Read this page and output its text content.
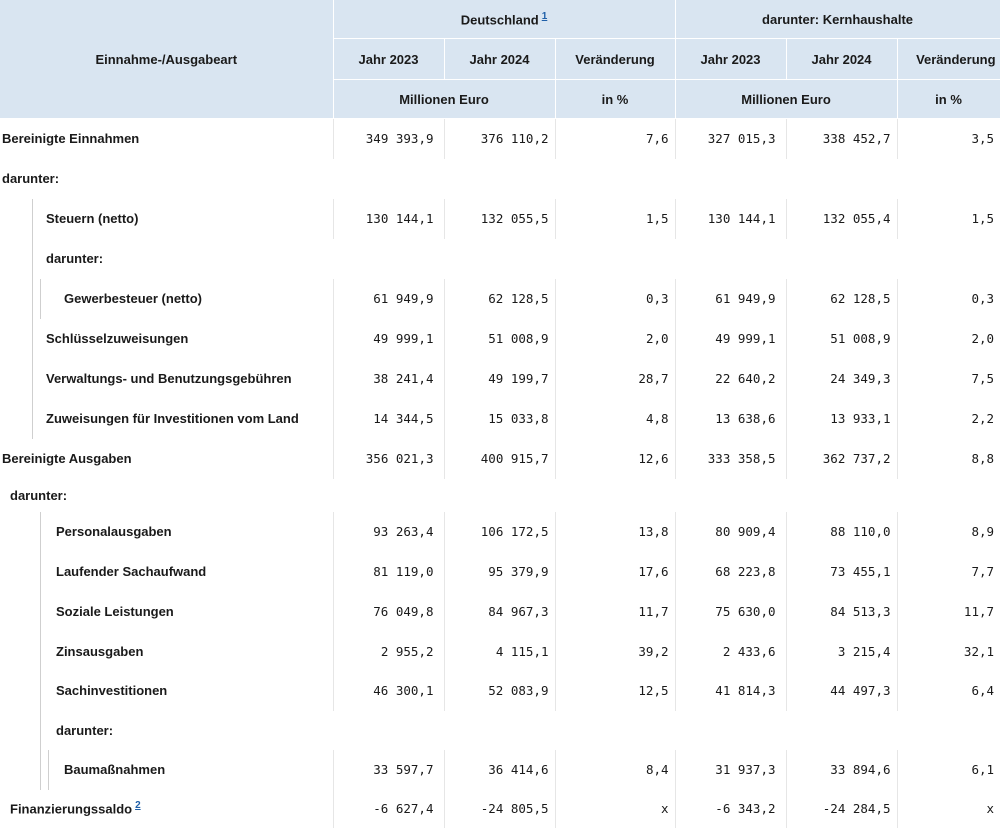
Einnahme-/Ausgabeart	Deutschland $^1$			darunter: Kernhaushalte		
	Jahr 2023	Jahr 2024	Veränderung	Jahr 2023	Jahr 2024	Veränderung
	Millionen Euro		in %	Millionen Euro		in %
Bereinigte Einnahmen	349 393,9	376 110,2	7,6	327 015,3	338 452,7	3,5
darunter:						

Steuern (netto)	130 144,1	132 055,5	1,5	130 144,1	132 055,4	1,5

darunter:						

Gewerbesteuer (netto)	61 949,9	62 128,5	0,3	61 949,9	62 128,5	0,3

Schlüsselzuweisungen	49 999,1	51 008,9	2,0	49 999,1	51 008,9	2,0

Verwaltungs- und Benutzungsgebühren	38 241,4	49 199,7	28,7	22 640,2	24 349,3	7,5

Zuweisungen für Investitionen vom Land	14 344,5	15 033,8	4,8	13 638,6	13 933,1	2,2
Bereinigte Ausgaben	356 021,3	400 915,7	12,6	333 358,5	362 737,2	8,8
darunter:						

Personalausgaben	93 263,4	106 172,5	13,8	80 909,4	88 110,0	8,9

Laufender Sachaufwand	81 119,0	95 379,9	17,6	68 223,8	73 455,1	7,7

Soziale Leistungen	76 049,8	84 967,3	11,7	75 630,0	84 513,3	11,7

Zinsausgaben	2 955,2	4 115,1	39,2	2 433,6	3 215,4	32,1

Sachinvestitionen	46 300,1	52 083,9	12,5	41 814,3	44 497,3	6,4

darunter:						

Baumaßnahmen	33 597,7	36 414,6	8,4	31 937,3	33 894,6	6,1
Finanzierungssaldo $^2$	-6 627,4	-24 805,5	x	-6 343,2	-24 284,5	x
